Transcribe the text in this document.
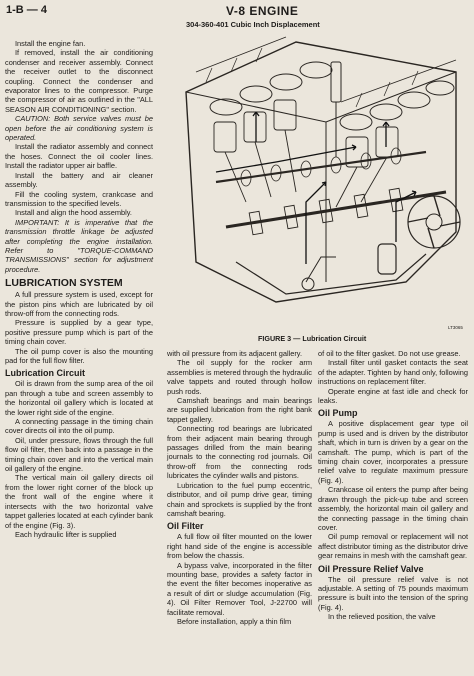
1-B — 4	V-8 ENGINE
304-360-401 Cubic Inch Displacement

Install the engine fan.

If removed, install the air conditioning condenser and receiver assembly. Connect the receiver outlet to the disconnect coupling. Connect the condenser and evaporator lines to the compressor. Purge the compressor of air as outlined in the "ALL SEASON AIR CONDITIONING" section.

CAUTION: Both service valves must be open before the air conditioning system is operated.

Install the radiator assembly and connect the hoses. Connect the oil cooler lines. Install the radiator upper air baffle.

Install the battery and air cleaner assembly.

Fill the cooling system, crankcase and transmission to the specified levels.

Install and align the hood assembly.

IMPORTANT: It is imperative that the transmission throttle linkage be adjusted after completing the engine installation. Refer to "TORQUE-COMMAND TRANSMISSIONS" section for adjustment procedure.

LUBRICATION SYSTEM

A full pressure system is used, except for the piston pins which are lubricated by oil throw-off from the connecting rods.

Pressure is supplied by a gear type, positive pressure pump which is part of the timing chain cover.

The oil pump cover is also the mounting pad for the full flow filter.

Lubrication Circuit

Oil is drawn from the sump area of the oil pan through a tube and screen assembly to the horizontal oil gallery which is located at the lower right side of the engine.

A connecting passage in the timing chain cover directs oil into the oil pump.

Oil, under pressure, flows through the full flow oil filter, then back into a passage in the timing chain cover and into the vertical main oil gallery of the engine.

The vertical main oil gallery directs oil from the lower right corner of the block up the front wall of the engine where it intersects with the two horizontal valve tappet galleries located at each cylinder bank of the engine (Fig. 3).

Each hydraulic lifter is supplied

LT3065
FIGURE 3 — Lubrication Circuit

with oil pressure from its adjacent gallery.

The oil supply for the rocker arm assemblies is metered through the hydraulic valve tappets and routed through hollow push rods.

Camshaft bearings and main bearings are supplied lubrication from the right bank tappet gallery.

Connecting rod bearings are lubricated from their adjacent main bearing through passages drilled from the main bearing journals to the connecting rod journals. Oil throw-off from the connecting rods lubricates the cylinder walls and pistons.

Lubrication to the fuel pump eccentric, distributor, and oil pump drive gear, timing chain and sprockets is supplied by the front camshaft bearing.

Oil Filter

A full flow oil filter mounted on the lower right hand side of the engine is accessible from below the chassis.

A bypass valve, incorporated in the filter mounting base, provides a safety factor in the event the filter becomes inoperative as a result of dirt or sludge accumulation (Fig. 4). Oil Filter Remover Tool, J-22700 will facilitate removal.

Before installation, apply a thin film

of oil to the filter gasket. Do not use grease.

Install filter until gasket contacts the seat of the adapter. Tighten by hand only, following instructions on replacement filter.

Operate engine at fast idle and check for leaks.

Oil Pump

A positive displacement gear type oil pump is used and is driven by the distributor shaft, which in turn is driven by a gear on the camshaft. The pump, which is part of the timing chain cover, incorporates a pressure relief valve to regulate maximum pressure (Fig. 4).

Crankcase oil enters the pump after being drawn through the pick-up tube and screen assembly, the horizontal main oil gallery and the connecting passage in the timing chain cover.

Oil pump removal or replacement will not affect distributor timing as the distributor drive gear remains in mesh with the camshaft gear.

Oil Pressure Relief Valve

The oil pressure relief valve is not adjustable. A setting of 75 pounds maximum pressure is built into the tension of the spring (Fig. 4).

In the relieved position, the valve
